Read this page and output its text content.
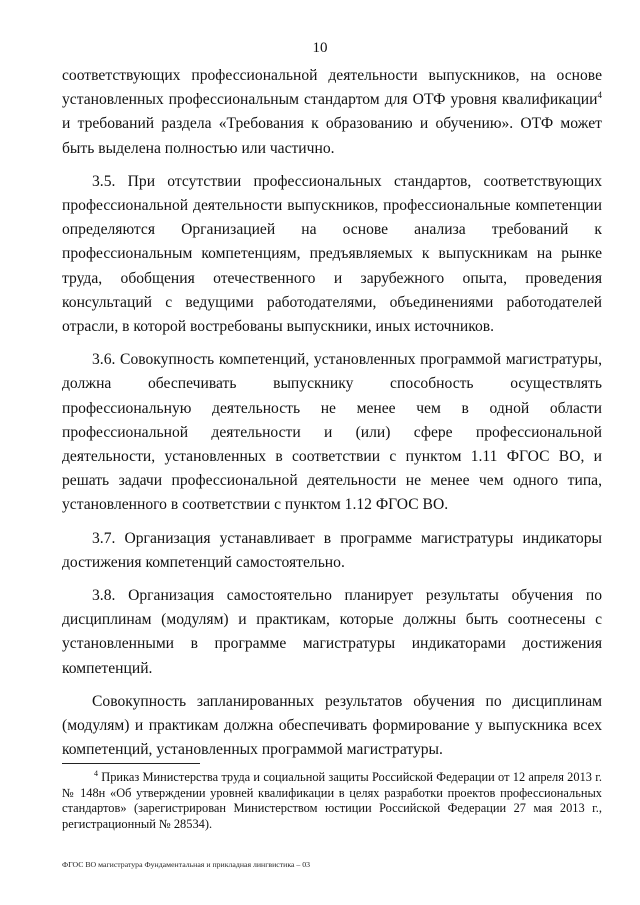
10

соответствующих профессиональной деятельности выпускников, на основе установленных профессиональным стандартом для ОТФ уровня квалификации$^4$ и требований раздела «Требования к образованию и обучению». ОТФ может быть выделена полностью или частично.

3.5. При отсутствии профессиональных стандартов, соответствующих профессиональной деятельности выпускников, профессиональные компетенции определяются Организацией на основе анализа требований к профессиональным компетенциям, предъявляемых к выпускникам на рынке труда, обобщения отечественного и зарубежного опыта, проведения консультаций с ведущими работодателями, объединениями работодателей отрасли, в которой востребованы выпускники, иных источников.

3.6. Совокупность компетенций, установленных программой магистратуры, должна обеспечивать выпускнику способность осуществлять профессиональную деятельность не менее чем в одной области профессиональной деятельности и (или) сфере профессиональной деятельности, установленных в соответствии с пунктом 1.11 ФГОС ВО, и решать задачи профессиональной деятельности не менее чем одного типа, установленного в соответствии с пунктом 1.12 ФГОС ВО.

3.7. Организация устанавливает в программе магистратуры индикаторы достижения компетенций самостоятельно.

3.8. Организация самостоятельно планирует результаты обучения по дисциплинам (модулям) и практикам, которые должны быть соотнесены с установленными в программе магистратуры индикаторами достижения компетенций.

Совокупность запланированных результатов обучения по дисциплинам (модулям) и практикам должна обеспечивать формирование у выпускника всех компетенций, установленных программой магистратуры.

$^4$ Приказ Министерства труда и социальной защиты Российской Федерации от 12 апреля 2013 г. № 148н «Об утверждении уровней квалификации в целях разработки проектов профессиональных стандартов» (зарегистрирован Министерством юстиции Российской Федерации 27 мая 2013 г., регистрационный № 28534).

ФГОС ВО магистратура Фундаментальная и прикладная лингвистика – 03
